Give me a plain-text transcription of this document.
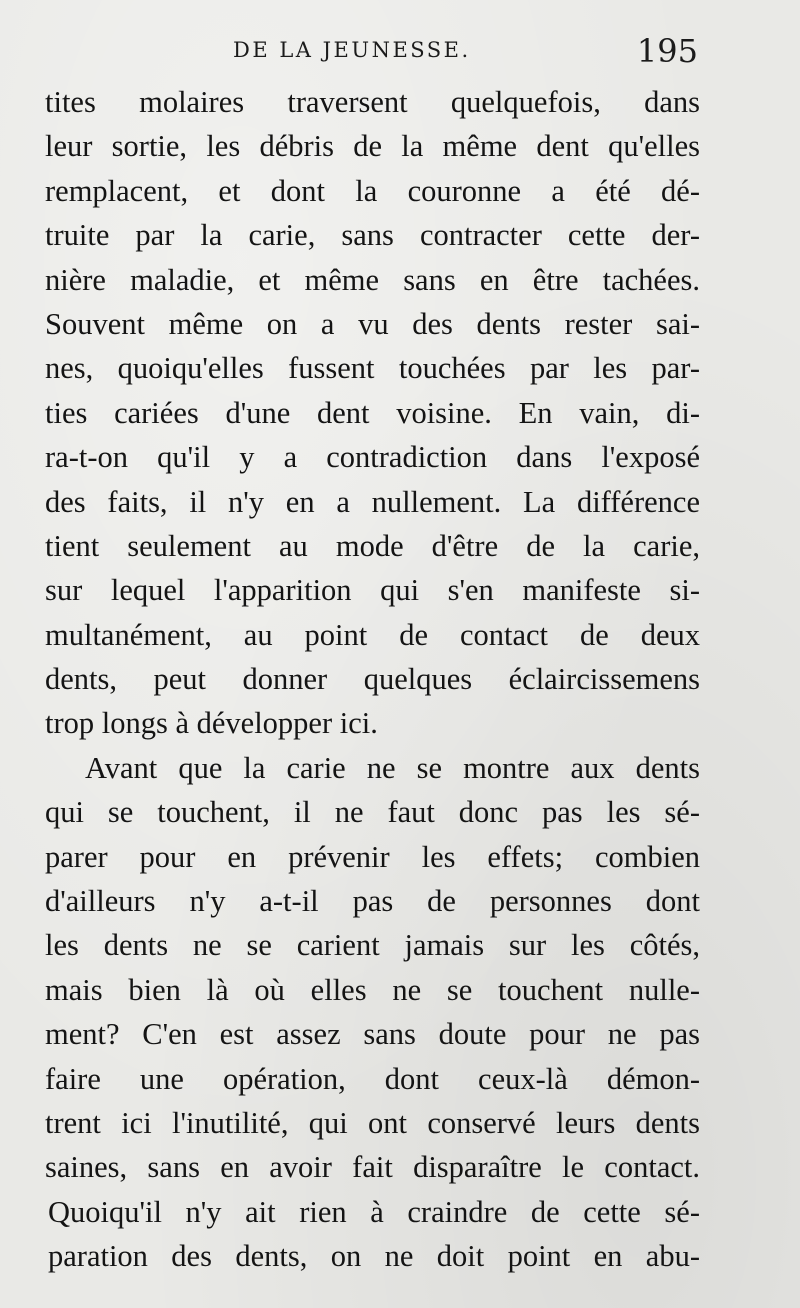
DE LA JEUNESSE.	195
tites molaires traversent quelquefois, dans
leur sortie, les débris de la même dent qu'elles
remplacent, et dont la couronne a été dé-
truite par la carie, sans contracter cette der-
nière maladie, et même sans en être tachées.
Souvent même on a vu des dents rester sai-
nes, quoiqu'elles fussent touchées par les par-
ties cariées d'une dent voisine. En vain, di-
ra-t-on qu'il y a contradiction dans l'exposé
des faits, il n'y en a nullement. La différence
tient seulement au mode d'être de la carie,
sur lequel l'apparition qui s'en manifeste si-
multanément, au point de contact de deux
dents, peut donner quelques éclaircissemens
trop longs à développer ici.
Avant que la carie ne se montre aux dents
qui se touchent, il ne faut donc pas les sé-
parer pour en prévenir les effets; combien
d'ailleurs n'y a-t-il pas de personnes dont
les dents ne se carient jamais sur les côtés,
mais bien là où elles ne se touchent nulle-
ment? C'en est assez sans doute pour ne pas
faire une opération, dont ceux-là démon-
trent ici l'inutilité, qui ont conservé leurs dents
saines, sans en avoir fait disparaître le contact.
Quoiqu'il n'y ait rien à craindre de cette sé-
paration des dents, on ne doit point en abu-
